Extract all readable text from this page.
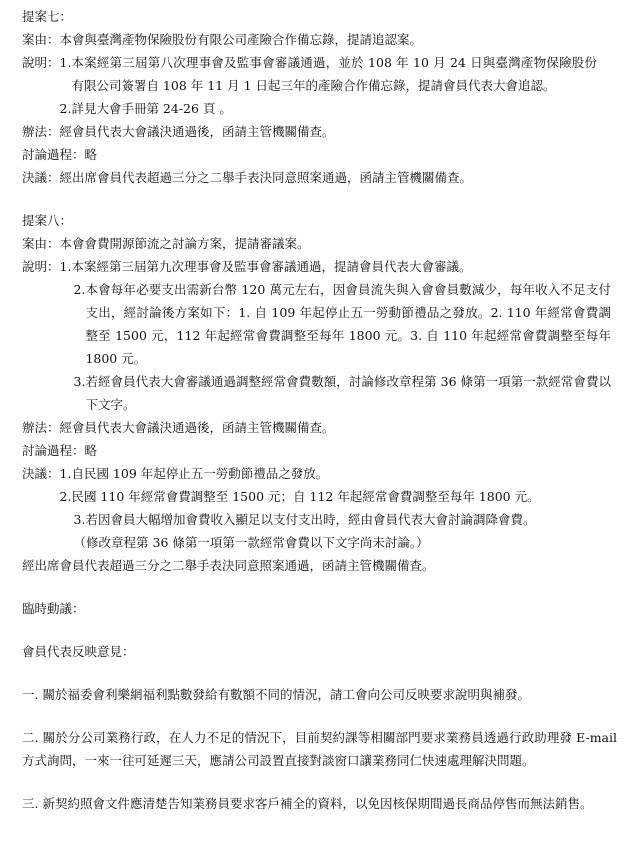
提案七：
案由： 本會與臺灣產物保險股份有限公司產險合作備忘錄，提請追認案。
說明： 1. 本案經第三屆第八次理事會及監事會審議通過，並於 108 年 10 月 24 日與臺灣產物保險股份有限公司簽署自 108 年 11 月 1 日起三年的產險合作備忘錄，提請會員代表大會追認。
2. 詳見大會手冊第 24-26 頁 。
辦法： 經會員代表大會議決通過後，函請主管機關備查。
討論過程： 略
決議： 經出席會員代表超過三分之二舉手表決同意照案通過，函請主管機關備查。
提案八：
案由： 本會會費開源節流之討論方案，提請審議案。
說明： 1. 本案經第三屆第九次理事會及監事會審議通過，提請會員代表大會審議。
2. 本會每年必要支出需新台幣 120 萬元左右，因會員流失與入會會員數減少，每年收入不足支付支出，經討論後方案如下：1. 自 109 年起停止五一勞動節禮品之發放。2. 110 年經常會費調整至 1500 元，112 年起經常會費調整至每年 1800 元。3. 自 110 年起經常會費調整至每年 1800 元。
3. 若經會員代表大會審議通過調整經常會費數額，討論修改章程第 36 條第一項第一款經常會費以下文字。
辦法： 經會員代表大會議決通過後，函請主管機關備查。
討論過程： 略
決議： 1. 自民國 109 年起停止五一勞動節禮品之發放。
2. 民國 110 年經常會費調整至 1500 元；自 112 年起經常會費調整至每年 1800 元。
3. 若因會員大幅增加會費收入顯足以支付支出時，經由會員代表大會討論調降會費。
（修改章程第 36 條第一項第一款經常會費以下文字尚未討論。）
經出席會員代表超過三分之二舉手表決同意照案通過，函請主管機關備查。
臨時動議：
會員代表反映意見：

一. 關於福委會利樂網福利點數發給有數額不同的情況，請工會向公司反映要求說明與補發。

二. 關於分公司業務行政，在人力不足的情況下，目前契約課等相關部門要求業務員透過行政助理發 E-mail 方式詢問，一來一往可延遲三天，應請公司設置直接對談窗口讓業務同仁快速處理解決問題。

三. 新契約照會文件應清楚告知業務員要求客戶補全的資料，以免因核保期間過長商品停售而無法銷售。
